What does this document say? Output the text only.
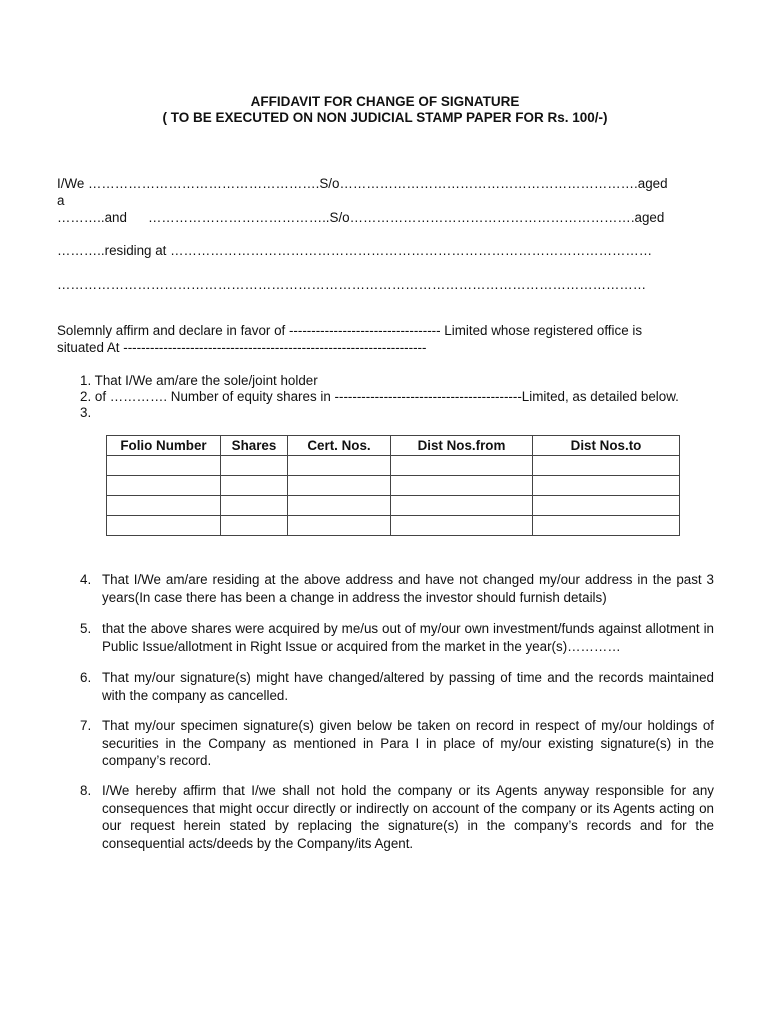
AFFIDAVIT FOR CHANGE OF SIGNATURE
( TO BE EXECUTED ON NON JUDICIAL STAMP PAPER FOR Rs. 100/-)
I/We …………………………………………….S/o………………………………………………………….aged
a
………..and …………………………………..S/o……………………………………………………….aged
………..residing at ………………………………………………………………………………………………
……………………………………………………………………………………………………………………
Solemnly affirm and declare in favor of ---------------------------------- Limited whose registered office is
situated At --------------------------------------------------------------------
1. That I/We am/are the sole/joint holder
2. of …………. Number of equity shares in ------------------------------------------Limited, as detailed below.
3.
Folio Number	Shares	Cert. Nos.	Dist Nos.from	Dist Nos.to

4. That I/We am/are residing at the above address and have not changed my/our address in the past 3 years(In case there has been a change in address the investor should furnish details)
5. that the above shares were acquired by me/us out of my/our own investment/funds against allotment in Public Issue/allotment in Right Issue or acquired from the market in the year(s)…………
6. That my/our signature(s) might have changed/altered by passing of time and the records maintained with the company as cancelled.
7. That my/our specimen signature(s) given below be taken on record in respect of my/our holdings of securities in the Company as mentioned in Para I in place of my/our existing signature(s) in the company’s record.
8. I/We hereby affirm that I/we shall not hold the company or its Agents anyway responsible for any consequences that might occur directly or indirectly on account of the company or its Agents acting on our request herein stated by replacing the signature(s) in the company’s records and for the consequential acts/deeds by the Company/its Agent.
